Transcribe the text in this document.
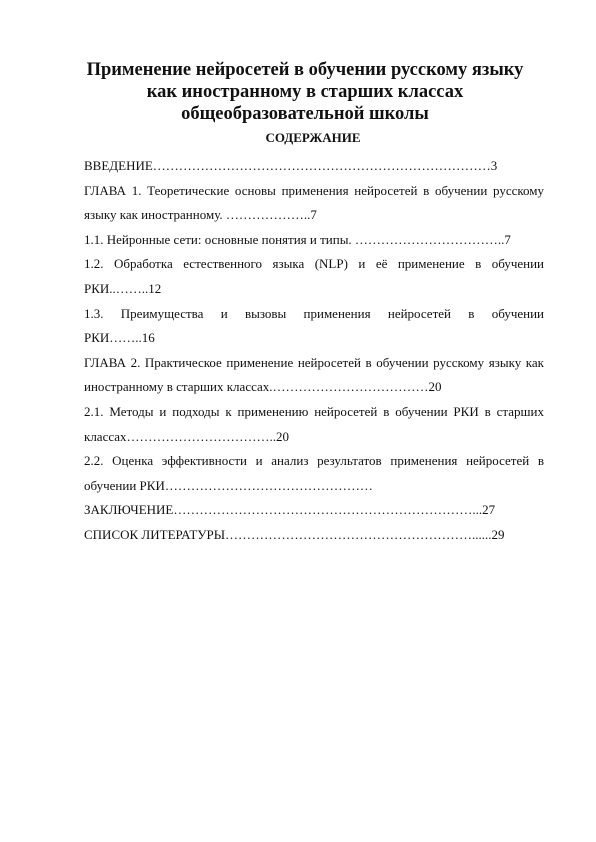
Применение нейросетей в обучении русскому языку как иностранному в старших классах общеобразовательной школы
СОДЕРЖАНИЕ
ВВЕДЕНИЕ……………………………………………………………………3
ГЛАВА 1. Теоретические основы применения нейросетей в обучении русскому языку как иностранному. ………………..7
1.1. Нейронные сети: основные понятия и типы. ……………………………..7
1.2. Обработка естественного языка (NLP) и её применение в обучении РКИ..……..12
1.3. Преимущества и вызовы применения нейросетей в обучении РКИ……..16
ГЛАВА 2. Практическое применение нейросетей в обучении русскому языку как иностранному в старших классах.………………………………20
2.1. Методы и подходы к применению нейросетей в обучении РКИ в старших классах……………………………..20
2.2. Оценка эффективности и анализ результатов применения нейросетей в обучении РКИ…………………………………………
ЗАКЛЮЧЕНИЕ……………………………………………………………...27
СПИСОК ЛИТЕРАТУРЫ…………………………………………………......29
